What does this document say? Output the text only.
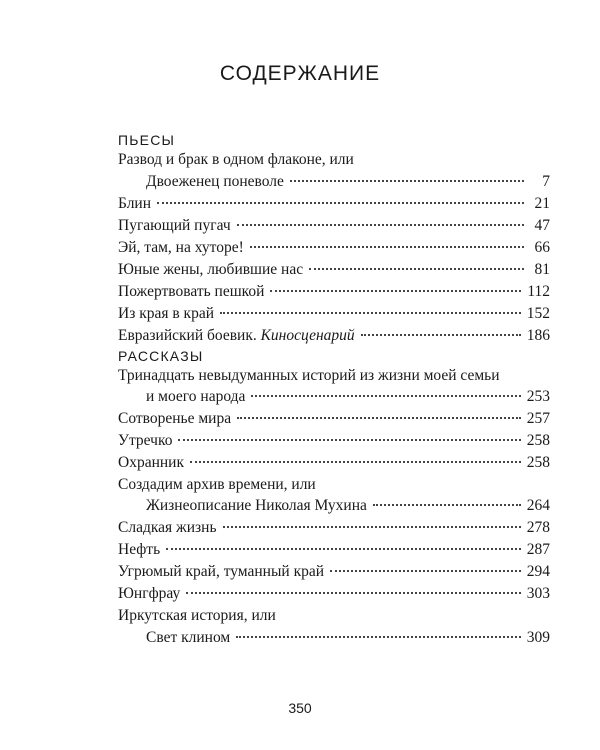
СОДЕРЖАНИЕ
ПЬЕСЫ
Развод и брак в одном флаконе, или
Двоеженец поневоле	7
Блин	21
Пугающий пугач	47
Эй, там, на хуторе!	66
Юные жены, любившие нас	81
Пожертвовать пешкой	112
Из края в край	152
Евразийский боевик. Киносценарий	186
РАССКАЗЫ
Тринадцать невыдуманных историй из жизни моей семьи
и моего народа	253
Сотворенье мира	257
Утречко	258
Охранник	258
Создадим архив времени, или
Жизнеописание Николая Мухина	264
Сладкая жизнь	278
Нефть	287
Угрюмый край, туманный край	294
Юнгфрау	303
Иркутская история, или
Свет клином	309
350
